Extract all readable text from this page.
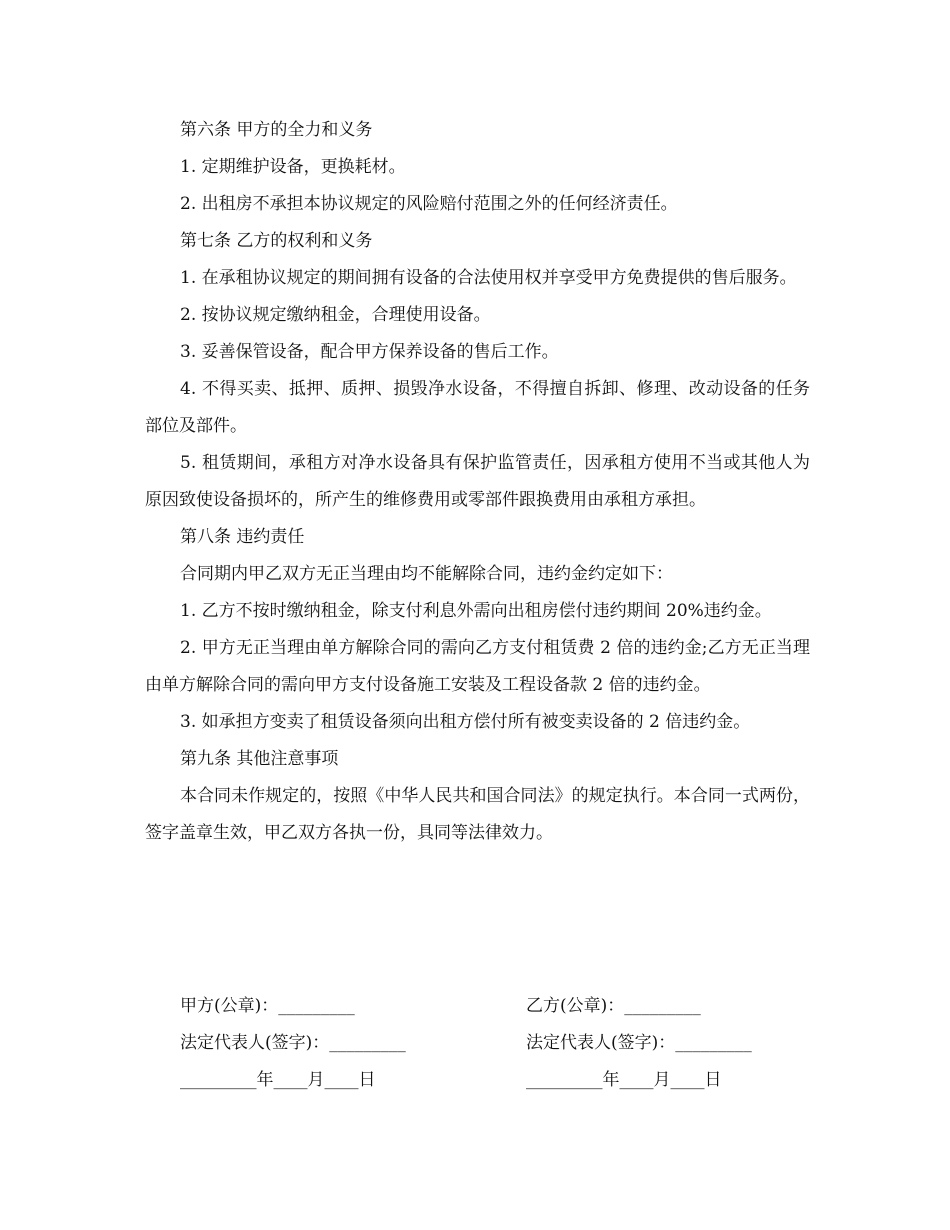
第六条 甲方的全力和义务

1. 定期维护设备，更换耗材。

2. 出租房不承担本协议规定的风险赔付范围之外的任何经济责任。

第七条 乙方的权利和义务

1. 在承租协议规定的期间拥有设备的合法使用权并享受甲方免费提供的售后服务。

2. 按协议规定缴纳租金，合理使用设备。

3. 妥善保管设备，配合甲方保养设备的售后工作。

4. 不得买卖、抵押、质押、损毁净水设备，不得擅自拆卸、修理、改动设备的任务部位及部件。

5. 租赁期间，承租方对净水设备具有保护监管责任，因承租方使用不当或其他人为原因致使设备损坏的，所产生的维修费用或零部件跟换费用由承租方承担。

第八条 违约责任

合同期内甲乙双方无正当理由均不能解除合同，违约金约定如下：

1. 乙方不按时缴纳租金，除支付利息外需向出租房偿付违约期间 20%违约金。

2. 甲方无正当理由单方解除合同的需向乙方支付租赁费 2 倍的违约金;乙方无正当理由单方解除合同的需向甲方支付设备施工安装及工程设备款 2 倍的违约金。

3. 如承担方变卖了租赁设备须向出租方偿付所有被变卖设备的 2 倍违约金。

第九条 其他注意事项

本合同未作规定的，按照《中华人民共和国合同法》的规定执行。本合同一式两份，签字盖章生效，甲乙双方各执一份，具同等法律效力。

甲方(公章)：_________	乙方(公章)：_________
法定代表人(签字)：_________	法定代表人(签字)：_________
_________年____月____日	_________年____月____日
